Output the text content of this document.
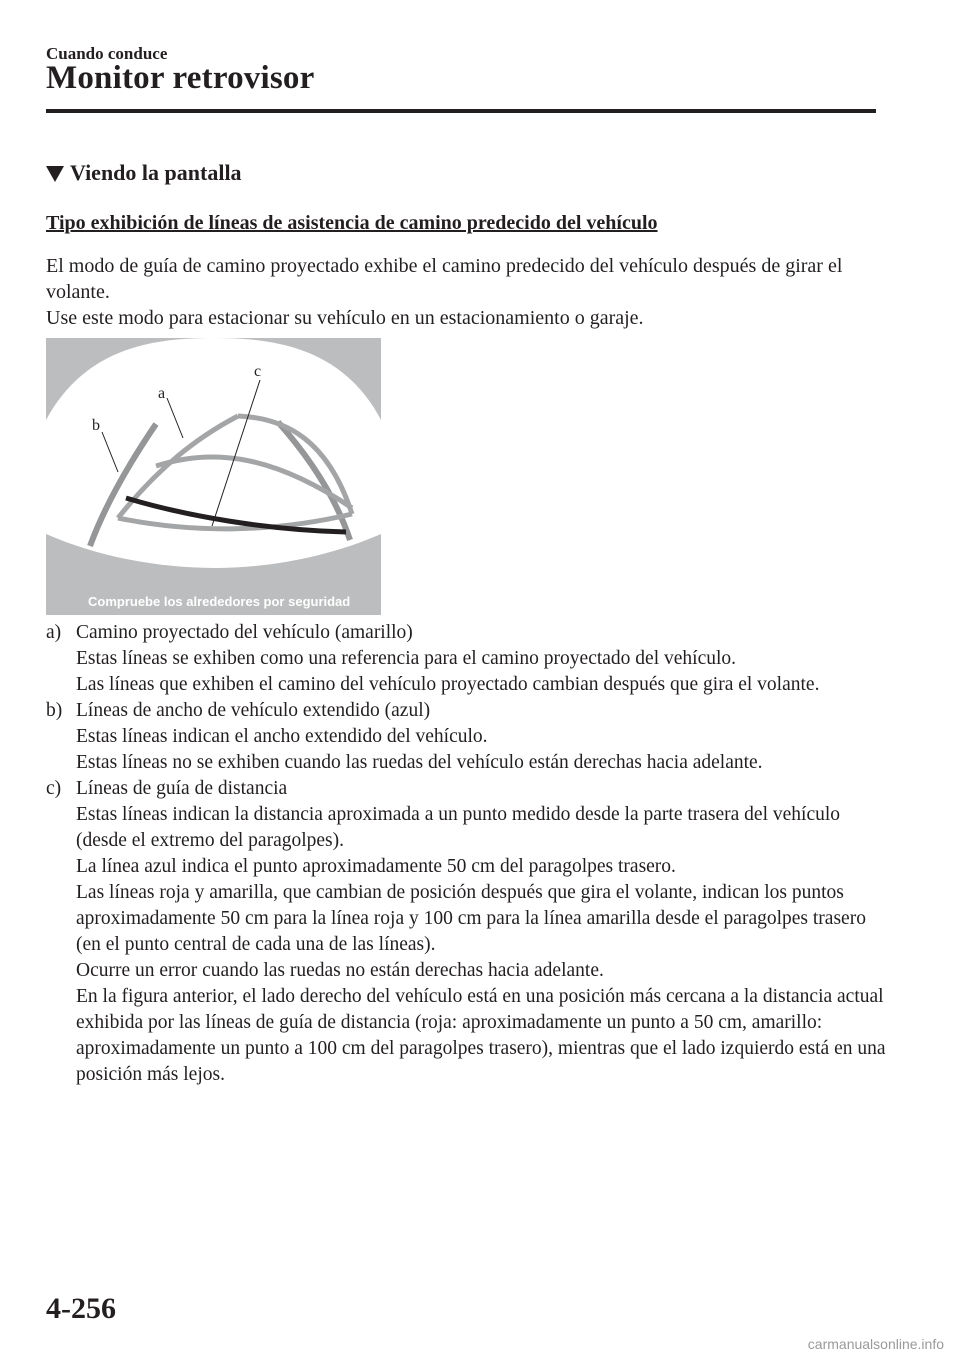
Cuando conduce
Monitor retrovisor
Viendo la pantalla
Tipo exhibición de líneas de asistencia de camino predecido del vehículo

El modo de guía de camino proyectado exhibe el camino predecido del vehículo después de girar el volante.

Use este modo para estacionar su vehículo en un estacionamiento o garaje.

a
b
c
Compruebe los alrededores por seguridad
a) Camino proyectado del vehículo (amarillo)

Estas líneas se exhiben como una referencia para el camino proyectado del vehículo.

Las líneas que exhiben el camino del vehículo proyectado cambian después que gira el volante.

b) Líneas de ancho de vehículo extendido (azul)

Estas líneas indican el ancho extendido del vehículo.

Estas líneas no se exhiben cuando las ruedas del vehículo están derechas hacia adelante.

c) Líneas de guía de distancia

Estas líneas indican la distancia aproximada a un punto medido desde la parte trasera del vehículo (desde el extremo del paragolpes).

La línea azul indica el punto aproximadamente 50 cm del paragolpes trasero.

Las líneas roja y amarilla, que cambian de posición después que gira el volante, indican los puntos aproximadamente 50 cm para la línea roja y 100 cm para la línea amarilla desde el paragolpes trasero (en el punto central de cada una de las líneas).

Ocurre un error cuando las ruedas no están derechas hacia adelante.

En la figura anterior, el lado derecho del vehículo está en una posición más cercana a la distancia actual exhibida por las líneas de guía de distancia (roja: aproximadamente un punto a 50 cm, amarillo: aproximadamente un punto a 100 cm del paragolpes trasero), mientras que el lado izquierdo está en una posición más lejos.

4-256
carmanualsonline.info
